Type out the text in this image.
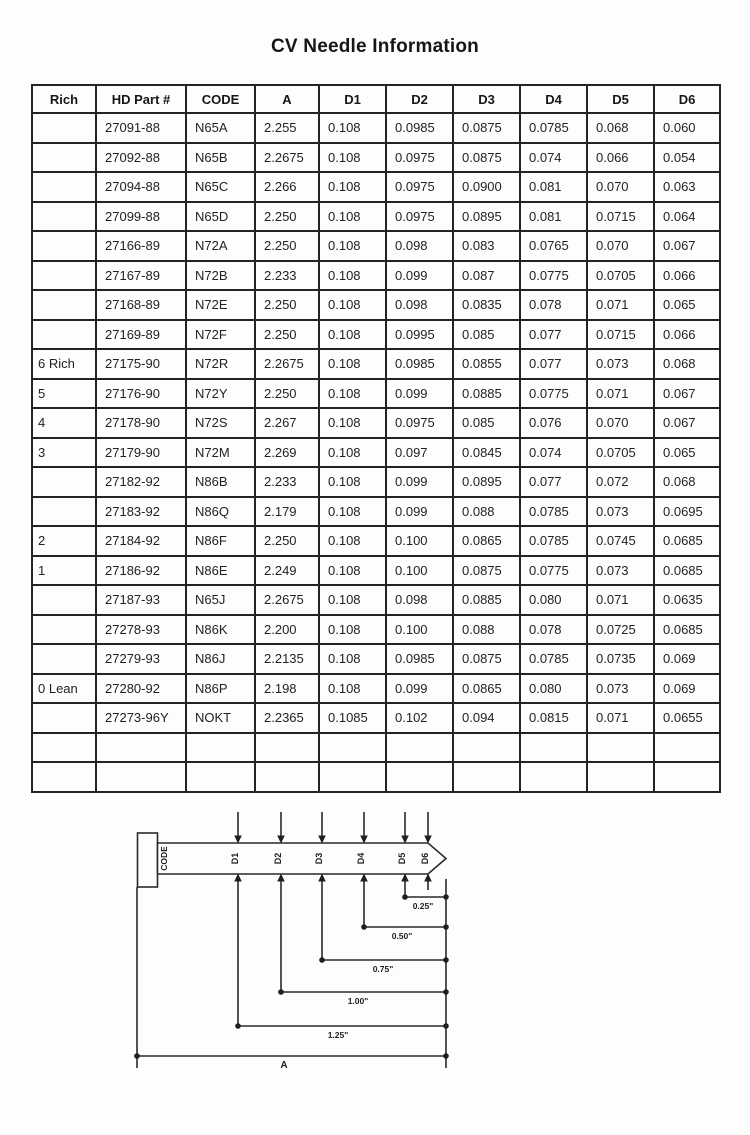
CV Needle Information
Rich	HD Part #	CODE	A	D1	D2	D3	D4	D5	D6
	27091-88	N65A	2.255	0.108	0.0985	0.0875	0.0785	0.068	0.060
	27092-88	N65B	2.2675	0.108	0.0975	0.0875	0.074	0.066	0.054
	27094-88	N65C	2.266	0.108	0.0975	0.0900	0.081	0.070	0.063
	27099-88	N65D	2.250	0.108	0.0975	0.0895	0.081	0.0715	0.064
	27166-89	N72A	2.250	0.108	0.098	0.083	0.0765	0.070	0.067
	27167-89	N72B	2.233	0.108	0.099	0.087	0.0775	0.0705	0.066
	27168-89	N72E	2.250	0.108	0.098	0.0835	0.078	0.071	0.065
	27169-89	N72F	2.250	0.108	0.0995	0.085	0.077	0.0715	0.066
6 Rich	27175-90	N72R	2.2675	0.108	0.0985	0.0855	0.077	0.073	0.068
5	27176-90	N72Y	2.250	0.108	0.099	0.0885	0.0775	0.071	0.067
4	27178-90	N72S	2.267	0.108	0.0975	0.085	0.076	0.070	0.067
3	27179-90	N72M	2.269	0.108	0.097	0.0845	0.074	0.0705	0.065
	27182-92	N86B	2.233	0.108	0.099	0.0895	0.077	0.072	0.068
	27183-92	N86Q	2.179	0.108	0.099	0.088	0.0785	0.073	0.0695
2	27184-92	N86F	2.250	0.108	0.100	0.0865	0.0785	0.0745	0.0685
1	27186-92	N86E	2.249	0.108	0.100	0.0875	0.0775	0.073	0.0685
	27187-93	N65J	2.2675	0.108	0.098	0.0885	0.080	0.071	0.0635
	27278-93	N86K	2.200	0.108	0.100	0.088	0.078	0.0725	0.0685
	27279-93	N86J	2.2135	0.108	0.0985	0.0875	0.0785	0.0735	0.069
0 Lean	27280-92	N86P	2.198	0.108	0.099	0.0865	0.080	0.073	0.069
	27273-96Y	NOKT	2.2365	0.1085	0.102	0.094	0.0815	0.071	0.0655

CODE	D1	D2	D3	D4	D5 D6
0.25"
0.50"
0.75"
1.00"
1.25"
A
